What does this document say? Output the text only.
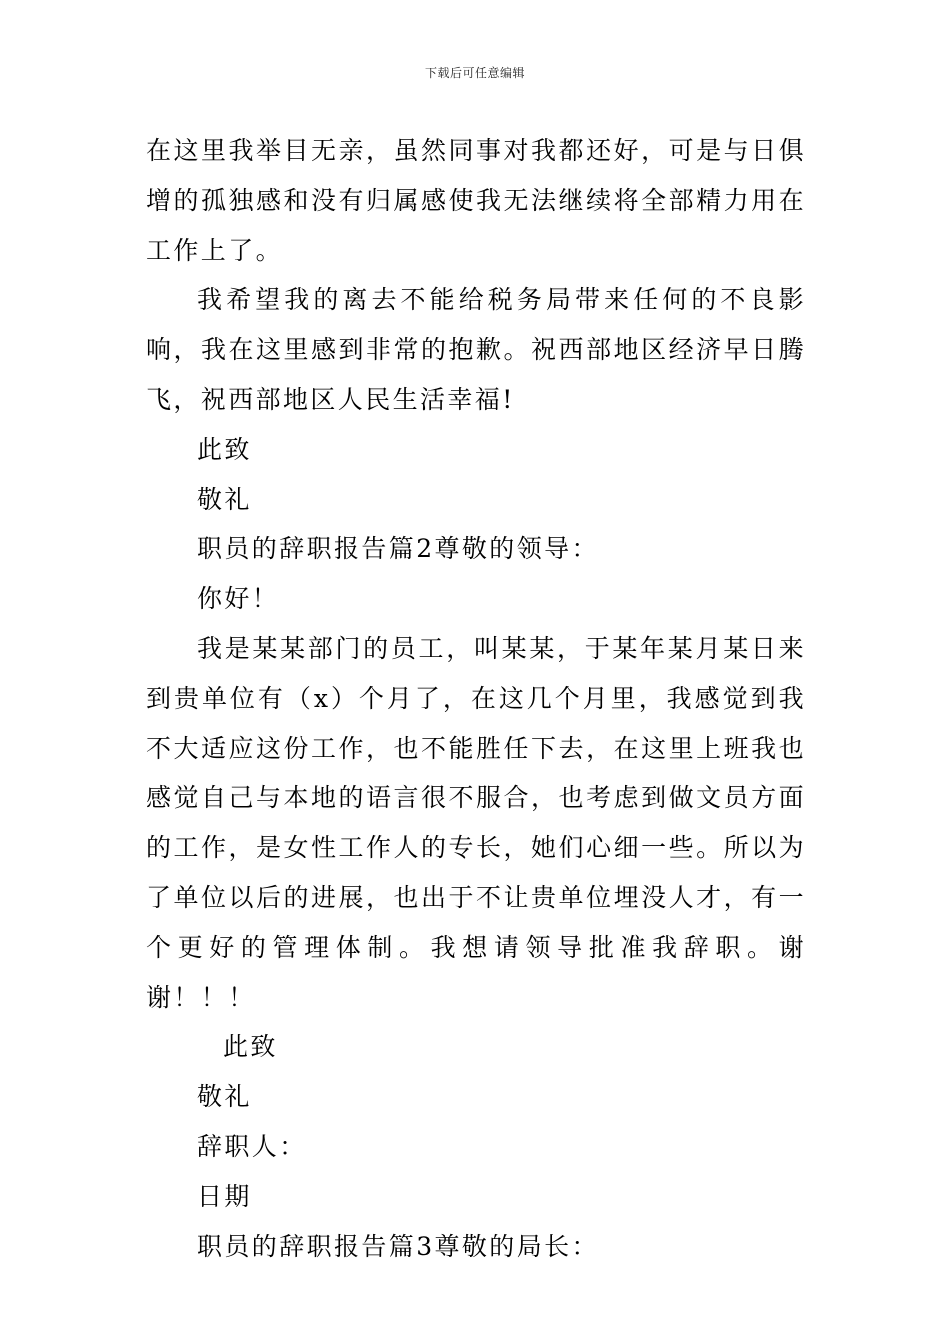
下载后可任意编辑

在这里我举目无亲，虽然同事对我都还好，可是与日俱增的孤独感和没有归属感使我无法继续将全部精力用在工作上了。

我希望我的离去不能给税务局带来任何的不良影响，我在这里感到非常的抱歉。祝西部地区经济早日腾飞，祝西部地区人民生活幸福!

此致

敬礼

职员的辞职报告篇2尊敬的领导：

你好！

我是某某部门的员工，叫某某，于某年某月某日来到贵单位有（x）个月了，在这几个月里，我感觉到我不大适应这份工作，也不能胜任下去，在这里上班我也感觉自己与本地的语言很不服合，也考虑到做文员方面的工作，是女性工作人的专长，她们心细一些。所以为了单位以后的进展，也出于不让贵单位埋没人才，有一个更好的管理体制。我想请领导批准我辞职。谢谢！！！

此致

敬礼

辞职人：

日期

职员的辞职报告篇3尊敬的局长：
